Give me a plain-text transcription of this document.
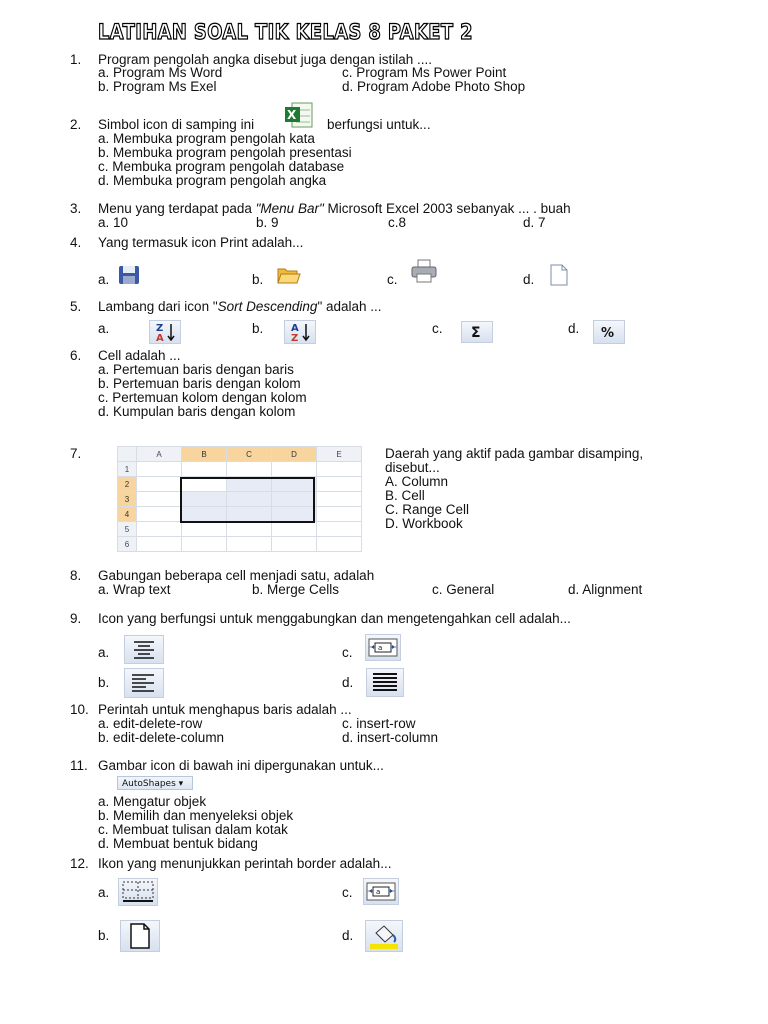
LATIHAN SOAL TIK KELAS 8 PAKET 2
1. Program pengolah angka disebut juga dengan istilah ....
a. Program Ms Word	c. Program Ms Power Point
b. Program Ms Exel	d. Program Adobe Photo Shop
2. Simbol icon di samping ini
X
berfungsi untuk...
a. Membuka program pengolah kata
b. Membuka program pengolah presentasi
c. Membuka program pengolah database
d. Membuka program pengolah angka
3. Menu yang terdapat pada "Menu Bar" Microsoft Excel 2003 sebanyak ... . buah
a. 10	b. 9	c.8	d. 7
4. Yang termasuk icon Print adalah...
a.	b.	c.	d.
5. Lambang dari icon "Sort Descending" adalah ...
a.	Z
A
b.	A
Z
c. Σ	d. %
6. Cell adalah ...
a. Pertemuan baris dengan baris
b. Pertemuan baris dengan kolom
c. Pertemuan kolom dengan kolom
d. Kumpulan baris dengan kolom
7.
		A	B	C	D	E
1					
2					
3					
4					
5					
6					
Daerah yang aktif pada gambar disamping,
disebut...
A. Column
B. Cell
C. Range Cell
D. Workbook
8. Gabungan beberapa cell menjadi satu, adalah
a. Wrap text	b. Merge Cells	c. General	d. Alignment
9. Icon yang berfungsi untuk menggabungkan dan mengetengahkan cell adalah...
a.	c.	a
b.	d.
10. Perintah untuk menghapus baris adalah ...
a. edit-delete-row	c. insert-row
b. edit-delete-column	d. insert-column
11. Gambar icon di bawah ini dipergunakan untuk...
AutoShapes ▾
a. Mengatur objek
b. Memilih dan menyeleksi objek
c. Membuat tulisan dalam kotak
d. Membuat bentuk bidang
12. Ikon yang menunjukkan perintah border adalah...
a.	c.	a
b.	d.
